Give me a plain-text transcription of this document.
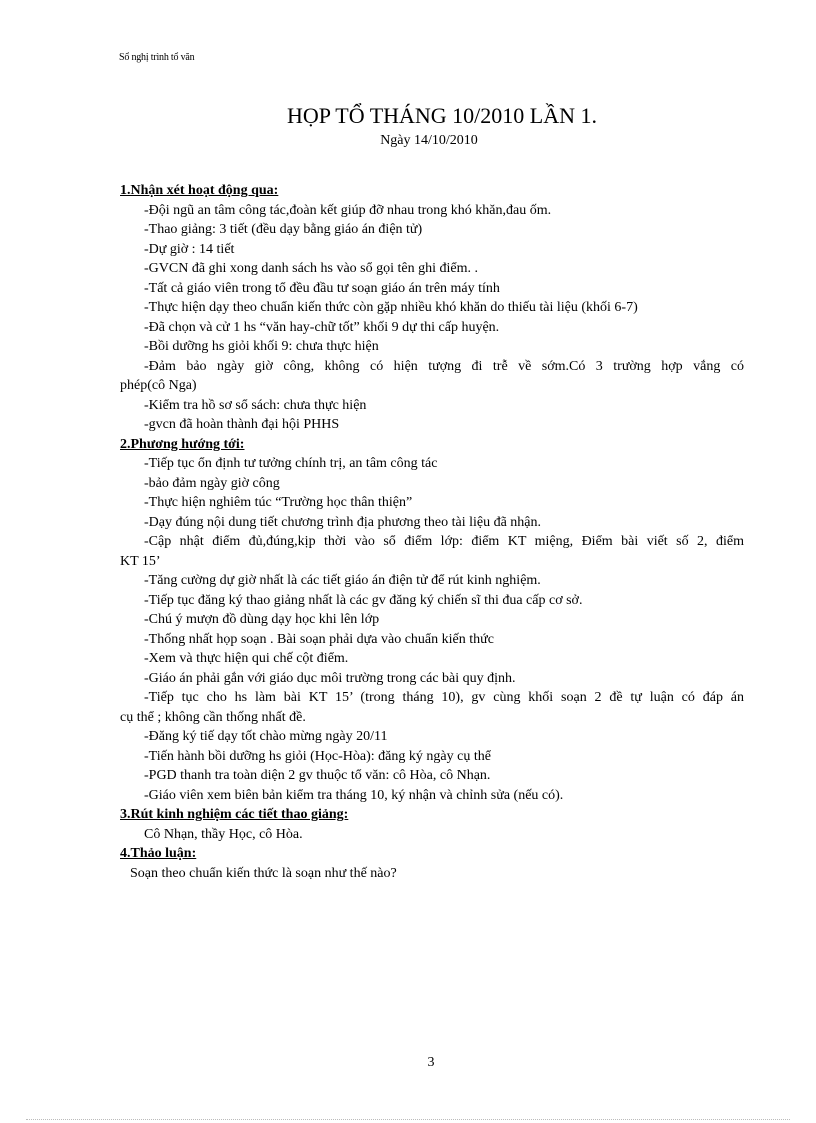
Sổ nghị trình tổ văn
HỌP TỔ THÁNG 10/2010 LẦN 1.
Ngày 14/10/2010
1.Nhận xét hoạt động qua:
-Đội ngũ an tâm công tác,đoàn kết giúp đỡ nhau trong khó khăn,đau ốm.
-Thao giảng: 3 tiết (đều dạy bằng giáo án điện tử)
-Dự giờ : 14 tiết
-GVCN đã ghi xong danh sách hs vào sổ gọi tên ghi điểm. .
-Tất cả giáo viên trong tổ đều đầu tư soạn giáo án trên máy tính
-Thực hiện dạy theo chuẩn kiến thức còn gặp nhiều khó khăn do thiếu tài liệu (khối 6-7)
-Đã chọn và cử 1 hs “văn hay-chữ tốt” khối 9 dự thi cấp huyện.
-Bồi dưỡng hs giỏi khối 9: chưa thực hiện
-Đảm bảo ngày giờ công, không có hiện tượng đi trễ về sớm.Có 3 trường hợp vắng có
phép(cô Nga)
-Kiểm tra hồ sơ sổ sách: chưa thực hiện
-gvcn đã hoàn thành đại hội PHHS
2.Phương hướng tới:
-Tiếp tục ổn định tư tưởng chính trị, an tâm công tác
-bảo đảm ngày giờ công
-Thực hiện nghiêm túc “Trường học thân thiện”
-Dạy đúng nội dung tiết chương trình địa phương theo tài liệu đã nhận.
-Cập nhật điểm đủ,đúng,kịp thời vào sổ điểm lớp: điểm KT miệng, Điểm bài viết số 2, điểm
KT 15’
-Tăng cường dự giờ nhất là các tiết giáo án điện tử để rút kinh nghiệm.
-Tiếp tục đăng ký thao giảng nhất là các gv đăng ký chiến sĩ thi đua cấp cơ sở.
-Chú ý mượn đồ dùng dạy học khi lên lớp
-Thống nhất họp soạn . Bài soạn phải dựa vào chuẩn kiến thức
-Xem và thực hiện qui chế cột điểm.
-Giáo án phải gắn với giáo dục môi trường trong các bài quy định.
-Tiếp tục cho hs làm bài KT 15’ (trong tháng 10), gv cùng khối soạn 2 đề tự luận có đáp án
cụ thể ; không cần thống nhất đề.
-Đăng ký tiế dạy tốt chào mừng ngày 20/11
-Tiến hành bồi dưỡng hs giỏi (Học-Hòa): đăng ký ngày cụ thể
-PGD thanh tra toàn diện 2 gv thuộc tổ văn: cô Hòa, cô Nhạn.
-Giáo viên xem biên bản kiểm tra tháng 10, ký nhận và chỉnh sửa (nếu có).
3.Rút kinh nghiệm các tiết thao giảng:
Cô Nhạn, thầy Học, cô Hòa.
4.Thảo luận:
Soạn theo chuẩn kiến thức là soạn như thế nào?
3
